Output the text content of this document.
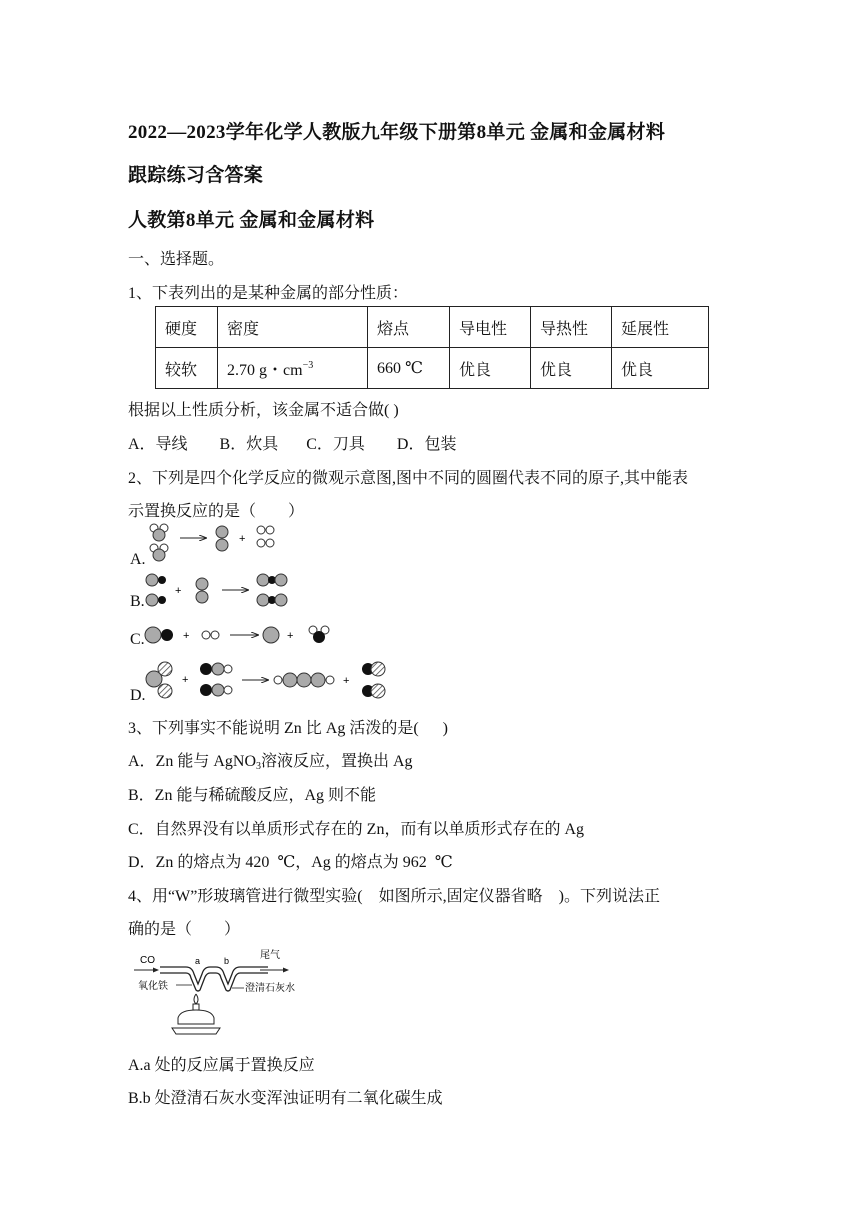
2022—2023学年化学人教版九年级下册第8单元 金属和金属材料
跟踪练习含答案
人教第8单元 金属和金属材料
一、选择题。
1、下表列出的是某种金属的部分性质：
硬度	密度	熔点	导电性	导热性	延展性
较软	2.70 g・$cm^{-3}$	660 ℃	优良	优良	优良
根据以上性质分析，该金属不适合做( )
A．导线        B．炊具       C．刀具        D．包装
2、下列是四个化学反应的微观示意图,图中不同的圆圈代表不同的原子,其中能表
示置换反应的是（        ）
A.
+
B.
+
C.	+	+
D.
+	+
3、下列事实不能说明 Zn 比 Ag 活泼的是(      )
A．Zn 能与 AgNO$_3$溶液反应，置换出 Ag
B．Zn 能与稀硫酸反应，Ag 则不能
C．自然界没有以单质形式存在的 Zn，而有以单质形式存在的 Ag
D．Zn 的熔点为 420  ℃，Ag 的熔点为 962  ℃
4、用“W”形玻璃管进行微型实验(    如图所示,固定仪器省略    )。下列说法正
确的是（        ）
CO	a	b	尾气
氧化铁	澄清石灰水
A.a 处的反应属于置换反应
B.b 处澄清石灰水变浑浊证明有二氧化碳生成
